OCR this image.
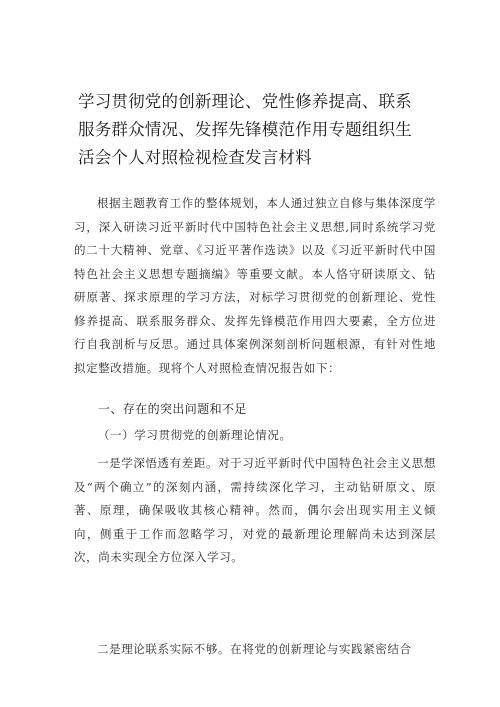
学习贯彻党的创新理论、党性修养提高、联系服务群众情况、发挥先锋模范作用专题组织生活会个人对照检视检查发言材料

根据主题教育工作的整体规划，本人通过独立自修与集体深度学习，深入研读习近平新时代中国特色社会主义思想,同时系统学习党的二十大精神、党章、《习近平著作选读》以及《习近平新时代中国特色社会主义思想专题摘编》等重要文献。本人恪守研读原文、钻研原著、探求原理的学习方法，对标学习贯彻党的创新理论、党性修养提高、联系服务群众、发挥先锋模范作用四大要素，全方位进行自我剖析与反思。通过具体案例深刻剖析问题根源，有针对性地拟定整改措施。现将个人对照检查情况报告如下：

一、存在的突出问题和不足

（一）学习贯彻党的创新理论情况。

一是学深悟透有差距。对于习近平新时代中国特色社会主义思想及“两个确立”的深刻内涵，需持续深化学习，主动钻研原文、原著、原理，确保吸收其核心精神。然而，偶尔会出现实用主义倾向，侧重于工作而忽略学习，对党的最新理论理解尚未达到深层次，尚未实现全方位深入学习。

二是理论联系实际不够。在将党的创新理论与实践紧密结合
